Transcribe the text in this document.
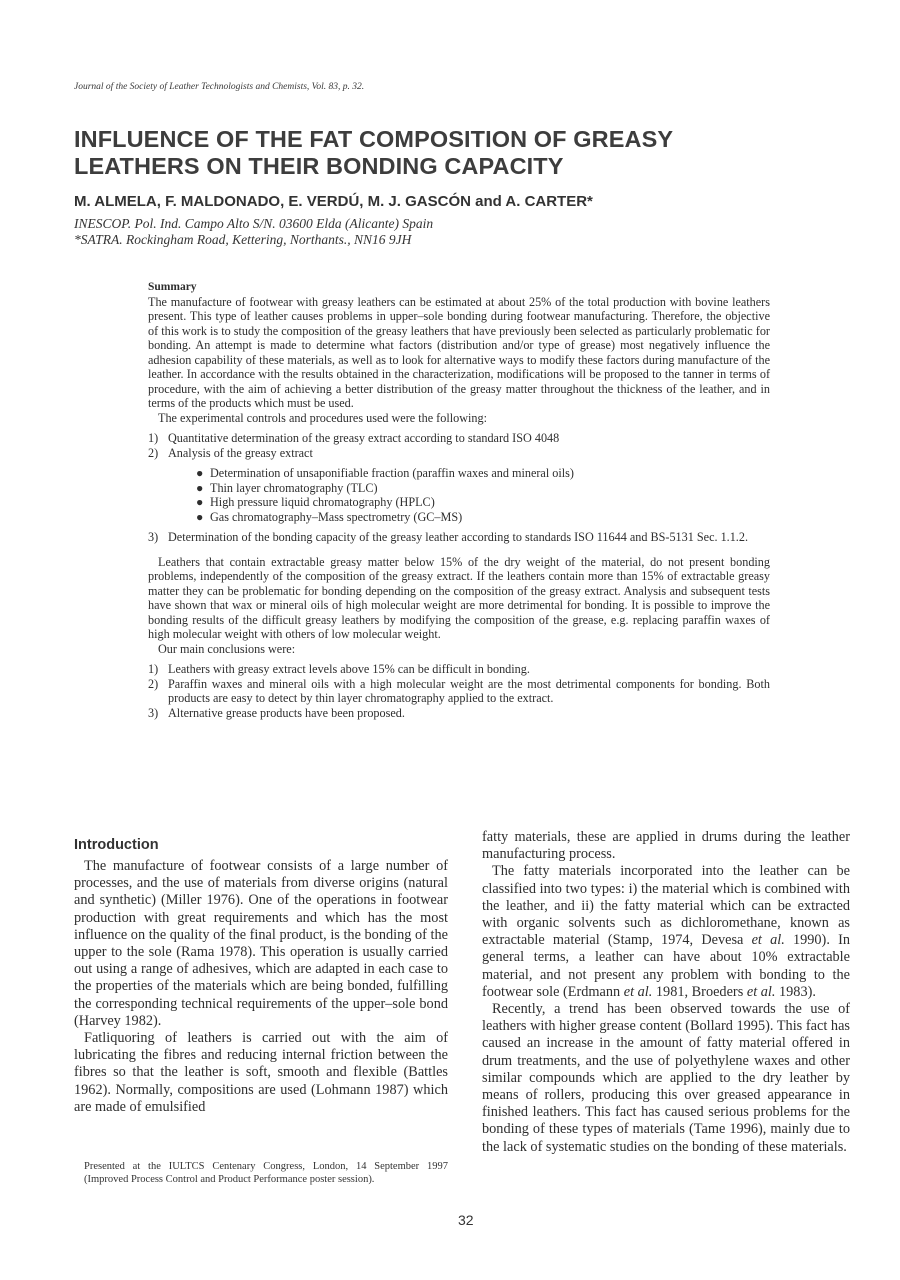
Journal of the Society of Leather Technologists and Chemists, Vol. 83, p. 32.
INFLUENCE OF THE FAT COMPOSITION OF GREASY
LEATHERS ON THEIR BONDING CAPACITY
M. ALMELA, F. MALDONADO, E. VERDÚ, M. J. GASCÓN and A. CARTER*
INESCOP. Pol. Ind. Campo Alto S/N. 03600 Elda (Alicante) Spain
*SATRA. Rockingham Road, Kettering, Northants., NN16 9JH
Summary

The manufacture of footwear with greasy leathers can be estimated at about 25% of the total production with bovine leathers present. This type of leather causes problems in upper–sole bonding during footwear manufacturing. Therefore, the objective of this work is to study the composition of the greasy leathers that have previously been selected as particularly problematic for bonding. An attempt is made to determine what factors (distribution and/or type of grease) most negatively influence the adhesion capability of these materials, as well as to look for alternative ways to modify these factors during manufacture of the leather. In accordance with the results obtained in the characterization, modifications will be proposed to the tanner in terms of procedure, with the aim of achieving a better distribution of the greasy matter throughout the thickness of the leather, and in terms of the products which must be used.

The experimental controls and procedures used were the following:

1) Quantitative determination of the greasy extract according to standard ISO 4048
2) Analysis of the greasy extract
● Determination of unsaponifiable fraction (paraffin waxes and mineral oils)
● Thin layer chromatography (TLC)
● High pressure liquid chromatography (HPLC)
● Gas chromatography–Mass spectrometry (GC–MS)
3) Determination of the bonding capacity of the greasy leather according to standards ISO 11644 and BS-5131 Sec. 1.1.2.

Leathers that contain extractable greasy matter below 15% of the dry weight of the material, do not present bonding problems, independently of the composition of the greasy extract. If the leathers contain more than 15% of extractable greasy matter they can be problematic for bonding depending on the composition of the greasy extract. Analysis and subsequent tests have shown that wax or mineral oils of high molecular weight are more detrimental for bonding. It is possible to improve the bonding results of the difficult greasy leathers by modifying the composition of the grease, e.g. replacing paraffin waxes of high molecular weight with others of low molecular weight.

Our main conclusions were:

1) Leathers with greasy extract levels above 15% can be difficult in bonding.
2) Paraffin waxes and mineral oils with a high molecular weight are the most detrimental components for bonding. Both products are easy to detect by thin layer chromatography applied to the extract.
3) Alternative grease products have been proposed.
Introduction

The manufacture of footwear consists of a large number of processes, and the use of materials from diverse origins (natural and synthetic) (Miller 1976). One of the operations in footwear production with great requirements and which has the most influence on the quality of the final product, is the bonding of the upper to the sole (Rama 1978). This operation is usually carried out using a range of adhesives, which are adapted in each case to the properties of the materials which are being bonded, fulfilling the corresponding technical requirements of the upper–sole bond (Harvey 1982).

Fatliquoring of leathers is carried out with the aim of lubricating the fibres and reducing internal friction between the fibres so that the leather is soft, smooth and flexible (Battles 1962). Normally, compositions are used (Lohmann 1987) which are made of emulsified

fatty materials, these are applied in drums during the leather manufacturing process.

The fatty materials incorporated into the leather can be classified into two types: i) the material which is combined with the leather, and ii) the fatty material which can be extracted with organic solvents such as dichloromethane, known as extractable material (Stamp, 1974, Devesa et al. 1990). In general terms, a leather can have about 10% extractable material, and not present any problem with bonding to the footwear sole (Erdmann et al. 1981, Broeders et al. 1983).

Recently, a trend has been observed towards the use of leathers with higher grease content (Bollard 1995). This fact has caused an increase in the amount of fatty material offered in drum treatments, and the use of polyethylene waxes and other similar compounds which are applied to the dry leather by means of rollers, producing this over greased appearance in finished leathers. This fact has caused serious problems for the bonding of these types of materials (Tame 1996), mainly due to the lack of systematic studies on the bonding of these materials.

Presented at the IULTCS Centenary Congress, London, 14 September 1997 (Improved Process Control and Product Performance poster session).
32
